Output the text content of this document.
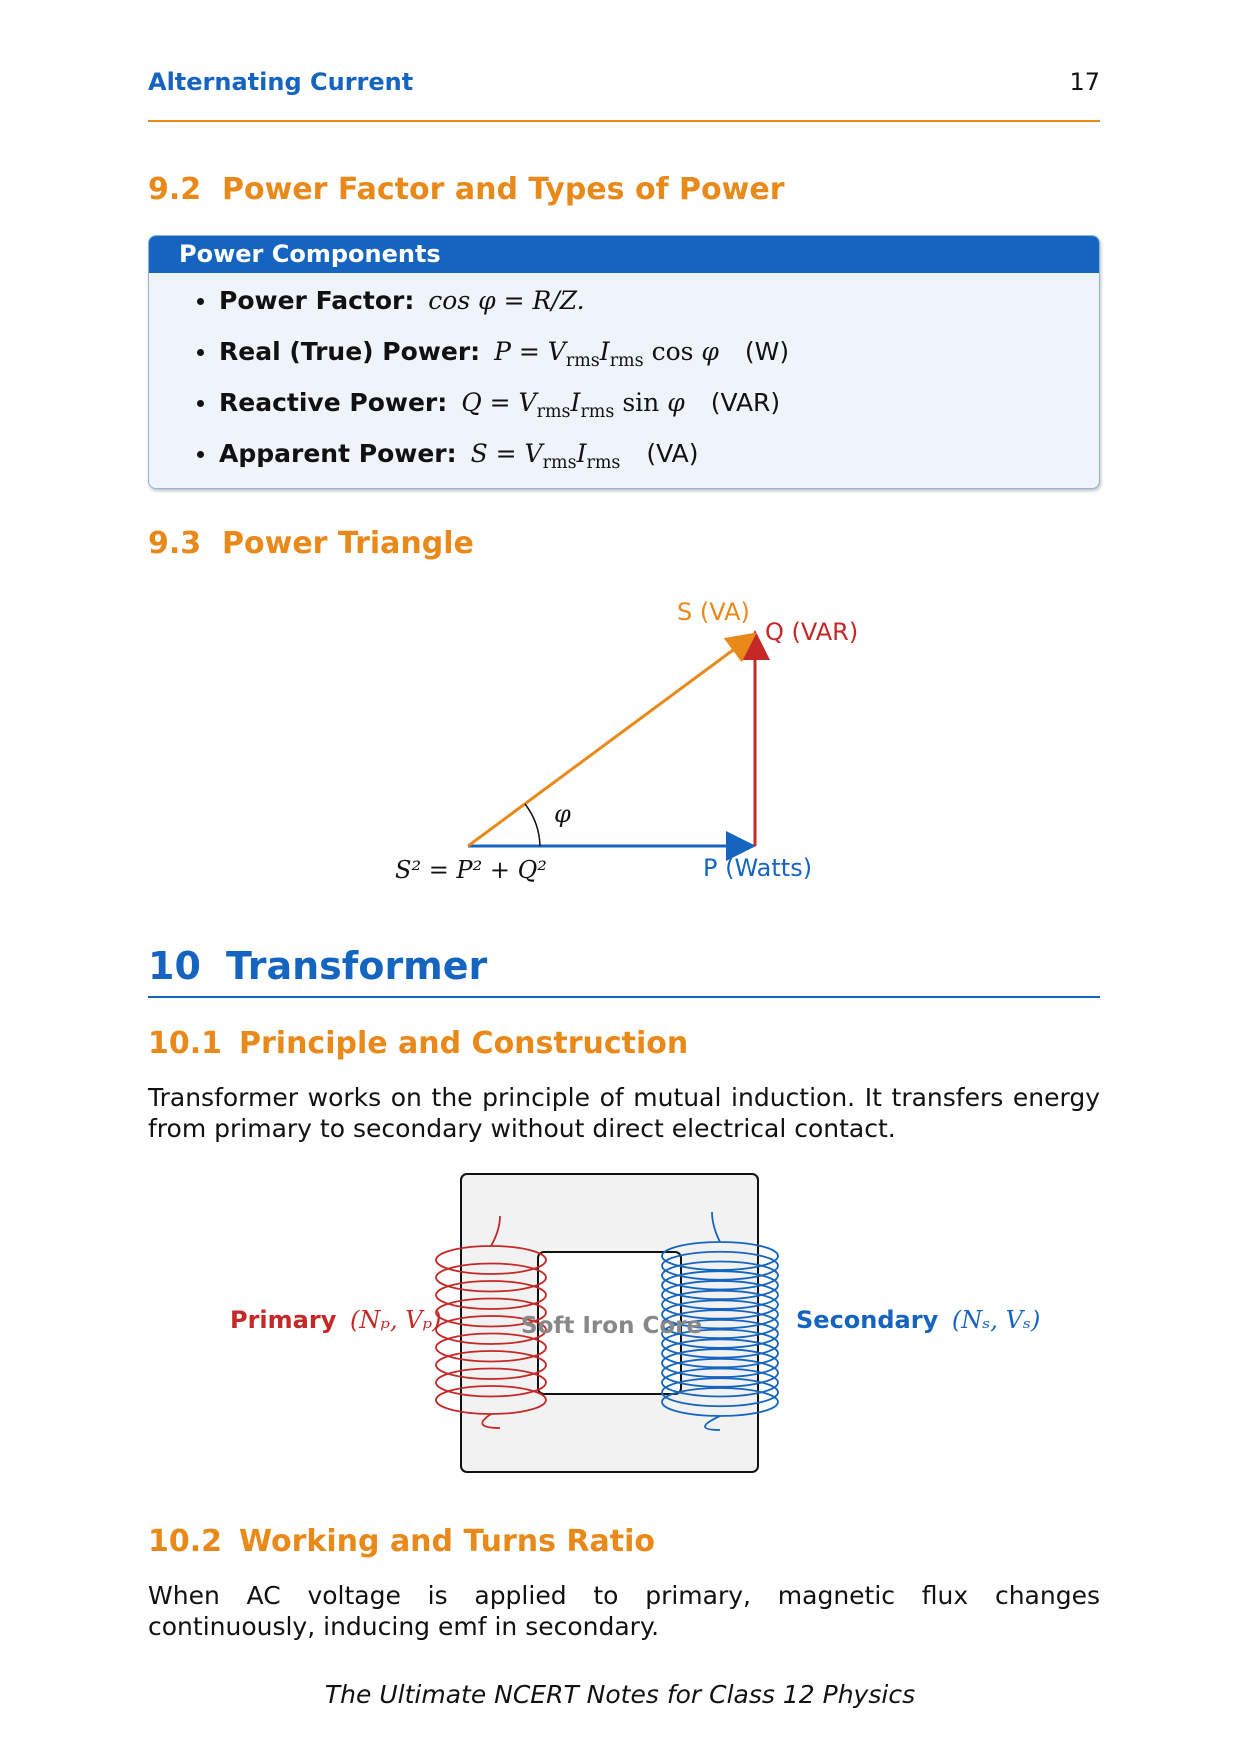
Alternating Current	17
9.2 Power Factor and Types of Power
Power Components
Power Factor: cos φ = R/Z.
Real (True) Power: $P = V_{rms}I_{rms}$ cos φ (W)
Reactive Power: $Q = V_{rms}I_{rms}$ sin φ (VAR)
Apparent Power: $S = V_{rms}I_{rms}$ (VA)
9.3 Power Triangle
φ
S (VA)
Q (VAR)
P (Watts)
S² = P² + Q²
10 Transformer
10.1 Principle and Construction
Transformer works on the principle of mutual induction. It transfers energy from primary to secondary without direct electrical contact.
Soft Iron Core
Primary (Nₚ, Vₚ)	Secondary (Nₛ, Vₛ)
10.2 Working and Turns Ratio
When AC voltage is applied to primary, magnetic flux changes continuously, inducing emf in secondary.
The Ultimate NCERT Notes for Class 12 Physics
